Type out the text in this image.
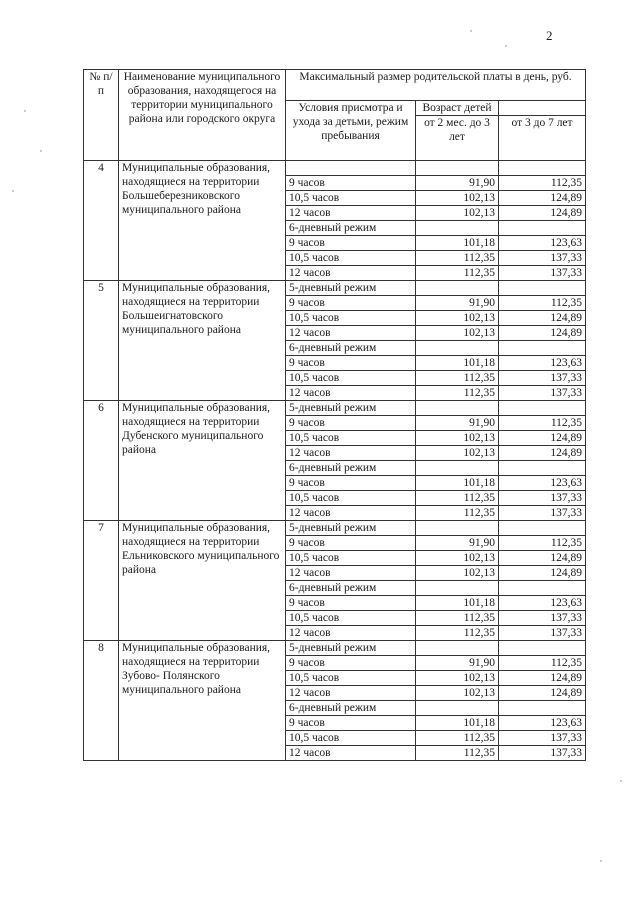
2
№ п/п	Наименование муниципального образования, находящегося на территории муниципального района или городского округа	Максимальный размер родительской платы в день, руб.		
		Условия присмотра и ухода за детьми, режим пребывания	Возраст детей	
			от 2 мес. до 3 лет	от 3 до 7 лет
4	Муниципальные образования, находящиеся на территории Большеберезниковского муниципального района			
		9 часов	91,90	112,35
		10,5 часов	102,13	124,89
		12 часов	102,13	124,89
		6-дневный режим		
		9 часов	101,18	123,63
		10,5 часов	112,35	137,33
		12 часов	112,35	137,33
5	Муниципальные образования, находящиеся на территории Большеигнатовского муниципального района	5-дневный режим		
		9 часов	91,90	112,35
		10,5 часов	102,13	124,89
		12 часов	102,13	124,89
		6-дневный режим		
		9 часов	101,18	123,63
		10,5 часов	112,35	137,33
		12 часов	112,35	137,33
6	Муниципальные образования, находящиеся на территории Дубенского муниципального района	5-дневный режим		
		9 часов	91,90	112,35
		10,5 часов	102,13	124,89
		12 часов	102,13	124,89
		6-дневный режим		
		9 часов	101,18	123,63
		10,5 часов	112,35	137,33
		12 часов	112,35	137,33
7	Муниципальные образования, находящиеся на территории Ельниковского муниципального района	5-дневный режим		
		9 часов	91,90	112,35
		10,5 часов	102,13	124,89
		12 часов	102,13	124,89
		6-дневный режим		
		9 часов	101,18	123,63
		10,5 часов	112,35	137,33
		12 часов	112,35	137,33
8	Муниципальные образования, находящиеся на территории Зубово- Полянского муниципального района	5-дневный режим		
		9 часов	91,90	112,35
		10,5 часов	102,13	124,89
		12 часов	102,13	124,89
		6-дневный режим		
		9 часов	101,18	123,63
		10,5 часов	112,35	137,33
		12 часов	112,35	137,33
